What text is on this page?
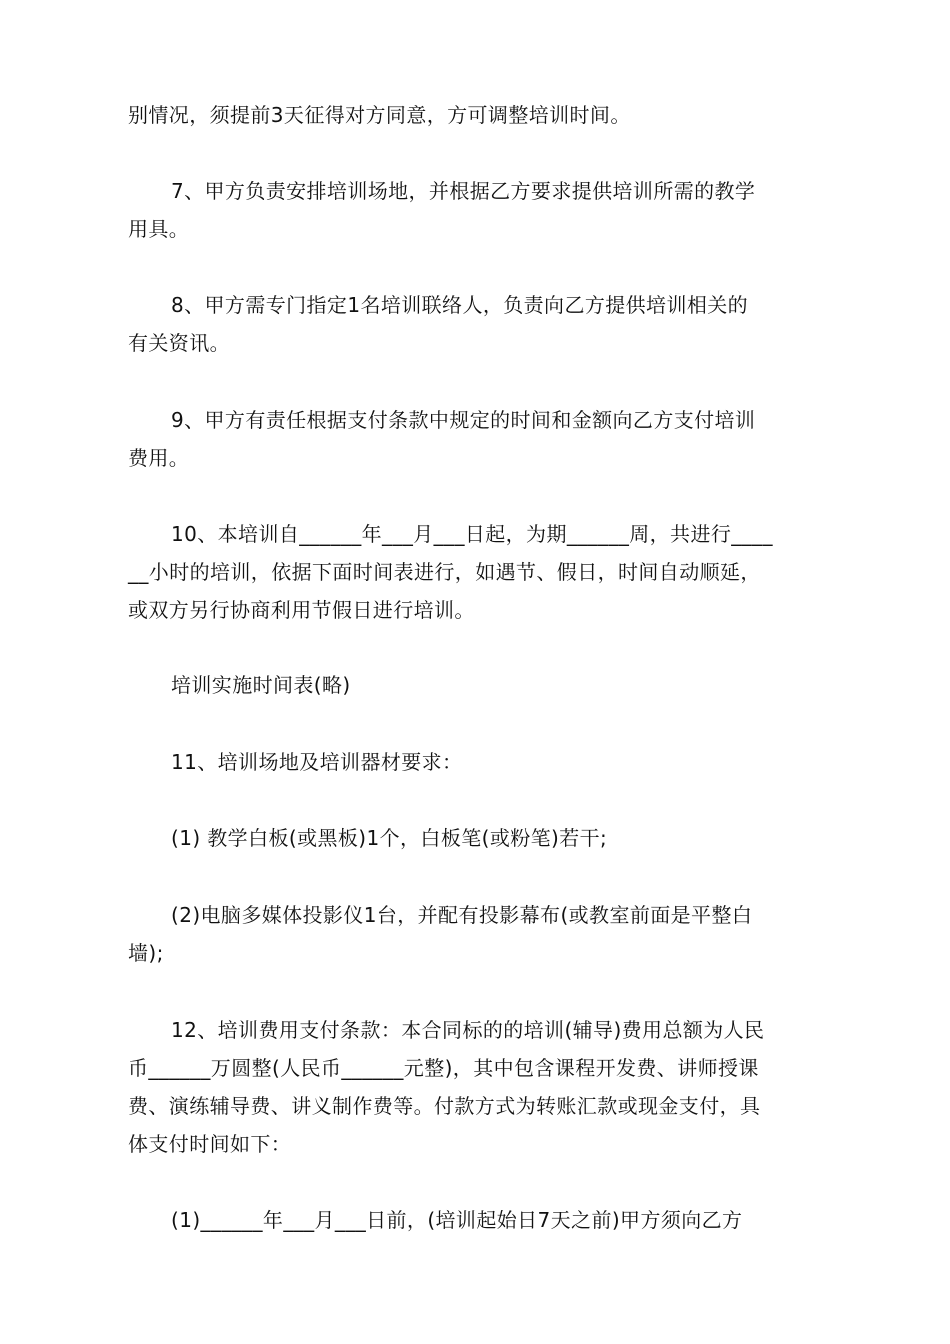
别情况，须提前3天征得对方同意，方可调整培训时间。

7、甲方负责安排培训场地，并根据乙方要求提供培训所需的教学
用具。

8、甲方需专门指定1名培训联络人，负责向乙方提供培训相关的
有关资讯。

9、甲方有责任根据支付条款中规定的时间和金额向乙方支付培训
费用。

10、本培训自______年___月___日起，为期______周，共进行____
__小时的培训，依据下面时间表进行，如遇节、假日，时间自动顺延，
或双方另行协商利用节假日进行培训。

培训实施时间表(略)

11、培训场地及培训器材要求：

(1) 教学白板(或黑板)1个，白板笔(或粉笔)若干;

(2)电脑多媒体投影仪1台，并配有投影幕布(或教室前面是平整白
墙);

12、培训费用支付条款：本合同标的的培训(辅导)费用总额为人民
币______万圆整(人民币______元整)，其中包含课程开发费、讲师授课
费、演练辅导费、讲义制作费等。付款方式为转账汇款或现金支付，具
体支付时间如下：

(1)______年___月___日前，(培训起始日7天之前)甲方须向乙方
